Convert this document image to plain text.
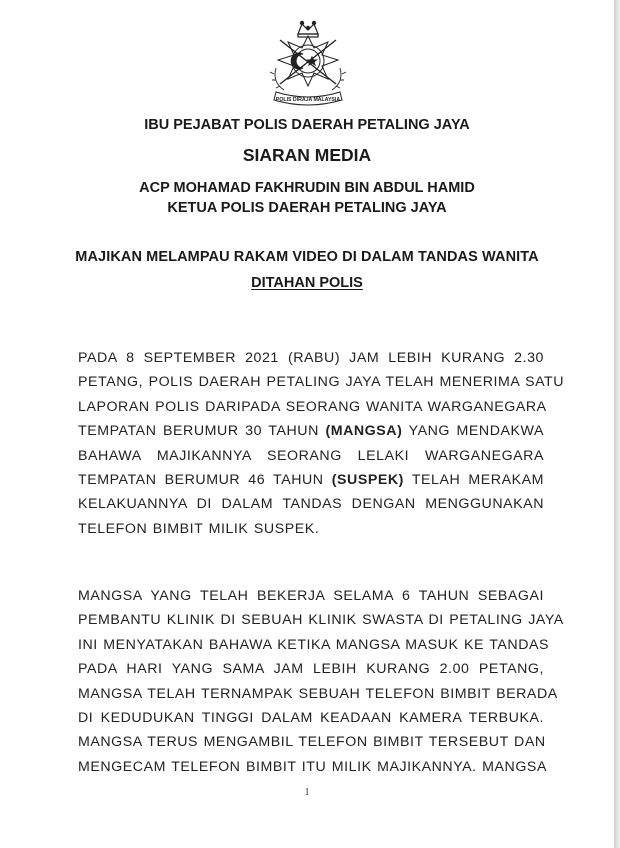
POLIS DIRAJA MALAYSIA
IBU PEJABAT POLIS DAERAH PETALING JAYA
SIARAN MEDIA
ACP MOHAMAD FAKHRUDIN BIN ABDUL HAMID
KETUA POLIS DAERAH PETALING JAYA
MAJIKAN MELAMPAU RAKAM VIDEO DI DALAM TANDAS WANITA
DITAHAN POLIS
PADA 8 SEPTEMBER 2021 (RABU) JAM LEBIH KURANG 2.30
PETANG, POLIS DAERAH PETALING JAYA TELAH MENERIMA SATU
LAPORAN POLIS DARIPADA SEORANG WANITA WARGANEGARA
TEMPATAN BERUMUR 30 TAHUN (MANGSA) YANG MENDAKWA
BAHAWA MAJIKANNYA SEORANG LELAKI WARGANEGARA
TEMPATAN BERUMUR 46 TAHUN (SUSPEK) TELAH MERAKAM
KELAKUANNYA DI DALAM TANDAS DENGAN MENGGUNAKAN
TELEFON BIMBIT MILIK SUSPEK.
MANGSA YANG TELAH BEKERJA SELAMA 6 TAHUN SEBAGAI
PEMBANTU KLINIK DI SEBUAH KLINIK SWASTA DI PETALING JAYA
INI MENYATAKAN BAHAWA KETIKA MANGSA MASUK KE TANDAS
PADA HARI YANG SAMA JAM LEBIH KURANG 2.00 PETANG,
MANGSA TELAH TERNAMPAK SEBUAH TELEFON BIMBIT BERADA
DI KEDUDUKAN TINGGI DALAM KEADAAN KAMERA TERBUKA.
MANGSA TERUS MENGAMBIL TELEFON BIMBIT TERSEBUT DAN
MENGECAM TELEFON BIMBIT ITU MILIK MAJIKANNYA. MANGSA
1
